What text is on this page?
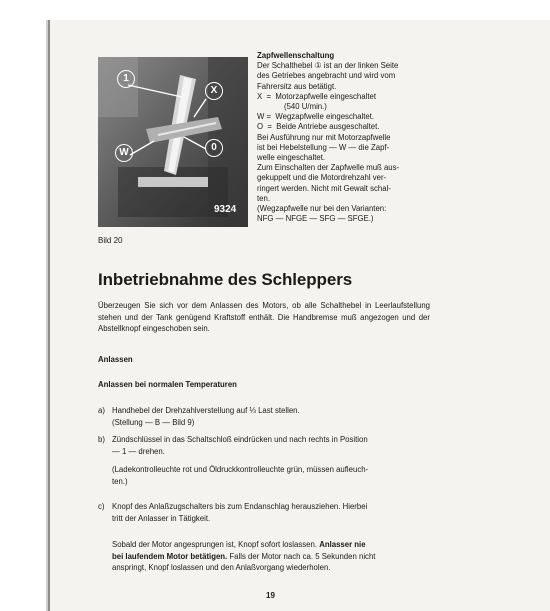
1
X
W	0
9324
Bild 20
Zapfwellenschaltung
Der Schalthebel ① ist an der linken Seite
des Getriebes angebracht und wird vom
Fahrersitz aus betätigt.
X =  Motorzapfwelle eingeschaltet
(540 U/min.)
W =  Wegzapfwelle eingeschaltet.
O =  Beide Antriebe ausgeschaltet.
Bei Ausführung nur mit Motorzapfwelle
ist bei Hebelstellung — W — die Zapf-
welle eingeschaltet.
Zum Einschalten der Zapfwelle muß aus-
gekuppelt und die Motordrehzahl ver-
ringert werden. Nicht mit Gewalt schal-
ten.
(Wegzapfwelle nur bei den Varianten:
NFG — NFGE — SFG — SFGE.)
Inbetriebnahme des Schleppers
Überzeugen Sie sich vor dem Anlassen des Motors, ob alle Schalthebel in Leerlaufstellung stehen und der Tank genügend Kraftstoff enthält. Die Handbremse muß angezogen und der Abstellknopf eingeschoben sein.
Anlassen
Anlassen bei normalen Temperaturen
a) Handhebel der Drehzahlverstellung auf ⅓ Last stellen.
(Stellung — B — Bild 9)
b) Zündschlüssel in das Schaltschloß eindrücken und nach rechts in Position
— 1 — drehen.
(Ladekontrolleuchte rot und Öldruckkontrolleuchte grün, müssen aufleuch-
ten.)
c) Knopf des Anlaßzugschalters bis zum Endanschlag herausziehen. Hierbei
tritt der Anlasser in Tätigkeit.
Sobald der Motor angesprungen ist, Knopf sofort loslassen. Anlasser nie
bei laufendem Motor betätigen. Falls der Motor nach ca. 5 Sekunden nicht
anspringt, Knopf loslassen und den Anlaßvorgang wiederholen.
19
